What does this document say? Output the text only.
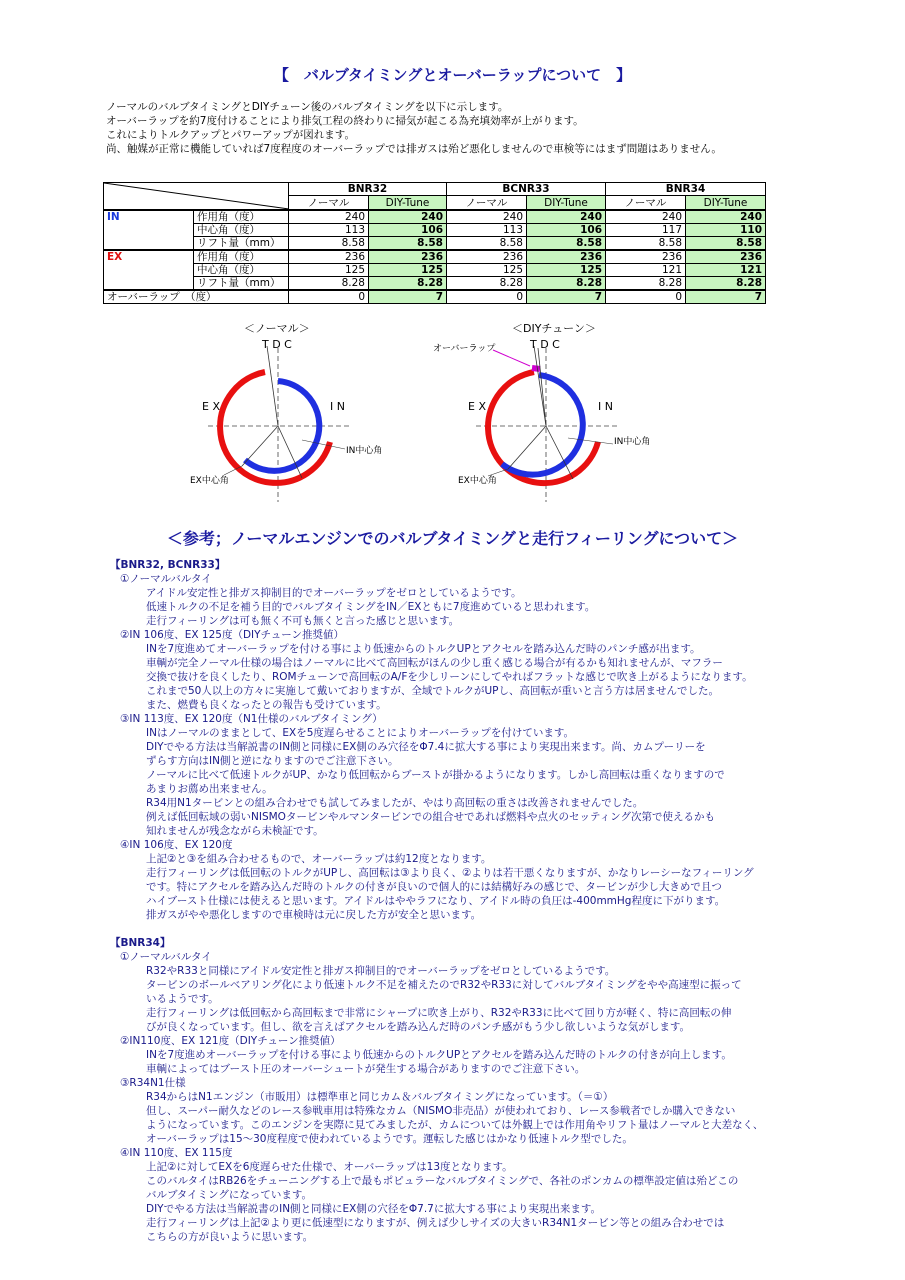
【　バルブタイミングとオーバーラップについて　】
ノーマルのバルブタイミングとDIYチューン後のバルブタイミングを以下に示します。
オーバーラップを約7度付けることにより排気工程の終わりに掃気が起こる為充填効率が上がります。
これによりトルクアップとパワーアップが図れます。
尚、触媒が正常に機能していれば7度程度のオーバーラップでは排ガスは殆ど悪化しませんので車検等にはまず問題はありません。
	BNR32		BCNR33		BNR34	
		ノーマル	DIY-Tune	ノーマル	DIY-Tune	ノーマル	DIY-Tune
IN	作用角（度）	240	240	240	240	240	240
	中心角（度）	113	106	113	106	117	110
	リフト量（mm）	8.58	8.58	8.58	8.58	8.58	8.58
EX	作用角（度）	236	236	236	236	236	236
	中心角（度）	125	125	125	125	121	121
	リフト量（mm）	8.28	8.28	8.28	8.28	8.28	8.28
オーバーラップ　（度）		0	7	0	7	0	7
＜ノーマル＞	＜DIYチューン＞
T D C
E X	I N
IN中心角
EX中心角
T D C
オーバーラップ
E X	I N
IN中心角
EX中心角
＜参考；ノーマルエンジンでのバルブタイミングと走行フィーリングについて＞
【BNR32, BCNR33】
①ノーマルバルタイ
アイドル安定性と排ガス抑制目的でオーバーラップをゼロとしているようです。
低速トルクの不足を補う目的でバルブタイミングをIN／EXともに7度進めていると思われます。
走行フィーリングは可も無く不可も無くと言った感じと思います。
②IN 106度、EX 125度（DIYチューン推奨値）
INを7度進めてオーバーラップを付ける事により低速からのトルクUPとアクセルを踏み込んだ時のパンチ感が出ます。
車輌が完全ノーマル仕様の場合はノーマルに比べて高回転がほんの少し重く感じる場合が有るかも知れませんが、マフラー
交換で抜けを良くしたり、ROMチューンで高回転のA/Fを少しリーンにしてやればフラットな感じで吹き上がるようになります。
これまで50人以上の方々に実施して戴いておりますが、全域でトルクがUPし、高回転が重いと言う方は居ませんでした。
また、燃費も良くなったとの報告も受けています。
③IN 113度、EX 120度（N1仕様のバルブタイミング）
INはノーマルのままとして、EXを5度遅らせることによりオーバーラップを付けています。
DIYでやる方法は当解説書のIN側と同様にEX側のみ穴径をΦ7.4に拡大する事により実現出来ます。尚、カムプーリーを
ずらす方向はIN側と逆になりますのでご注意下さい。
ノーマルに比べて低速トルクがUP、かなり低回転からブーストが掛かるようになります。しかし高回転は重くなりますので
あまりお薦め出来ません。
R34用N1タービンとの組み合わせでも試してみましたが、やはり高回転の重さは改善されませんでした。
例えば低回転域の弱いNISMOタービンやルマンタービンでの組合せであれば燃料や点火のセッティング次第で使えるかも
知れませんが残念ながら未検証です。
④IN 106度、EX 120度
上記②と③を組み合わせるもので、オーバーラップは約12度となります。
走行フィーリングは低回転のトルクがUPし、高回転は③より良く、②よりは若干悪くなりますが、かなりレーシーなフィーリング
です。特にアクセルを踏み込んだ時のトルクの付きが良いので個人的には結構好みの感じで、タービンが少し大きめで且つ
ハイブースト仕様には使えると思います。アイドルはややラフになり、アイドル時の負圧は-400mmHg程度に下がります。
排ガスがやや悪化しますので車検時は元に戻した方が安全と思います。
【BNR34】
①ノーマルバルタイ
R32やR33と同様にアイドル安定性と排ガス抑制目的でオーバーラップをゼロとしているようです。
タービンのボールベアリング化により低速トルク不足を補えたのでR32やR33に対してバルブタイミングをやや高速型に振って
いるようです。
走行フィーリングは低回転から高回転まで非常にシャープに吹き上がり、R32やR33に比べて回り方が軽く、特に高回転の伸
びが良くなっています。但し、欲を言えばアクセルを踏み込んだ時のパンチ感がもう少し欲しいような気がします。
②IN110度、EX 121度（DIYチューン推奨値）
INを7度進めオーバーラップを付ける事により低速からのトルクUPとアクセルを踏み込んだ時のトルクの付きが向上します。
車輌によってはブースト圧のオーバーシュートが発生する場合がありますのでご注意下さい。
③R34N1仕様
R34からはN1エンジン（市販用）は標準車と同じカム＆バルブタイミングになっています。（＝①）
但し、スーパー耐久などのレース参戦車用は特殊なカム（NISMO非売品）が使われており、レース参戦者でしか購入できない
ようになっています。このエンジンを実際に見てみましたが、カムについては外観上では作用角やリフト量はノーマルと大差なく、
オーバーラップは15～30度程度で使われているようです。運転した感じはかなり低速トルク型でした。
④IN 110度、EX 115度
上記②に対してEXを6度遅らせた仕様で、オーバーラップは13度となります。
このバルタイはRB26をチューニングする上で最もポピュラーなバルブタイミングで、各社のポンカムの標準設定値は殆どこの
バルブタイミングになっています。
DIYでやる方法は当解説書のIN側と同様にEX側の穴径をΦ7.7に拡大する事により実現出来ます。
走行フィーリングは上記②より更に低速型になりますが、例えば少しサイズの大きいR34N1タービン等との組み合わせでは
こちらの方が良いように思います。
